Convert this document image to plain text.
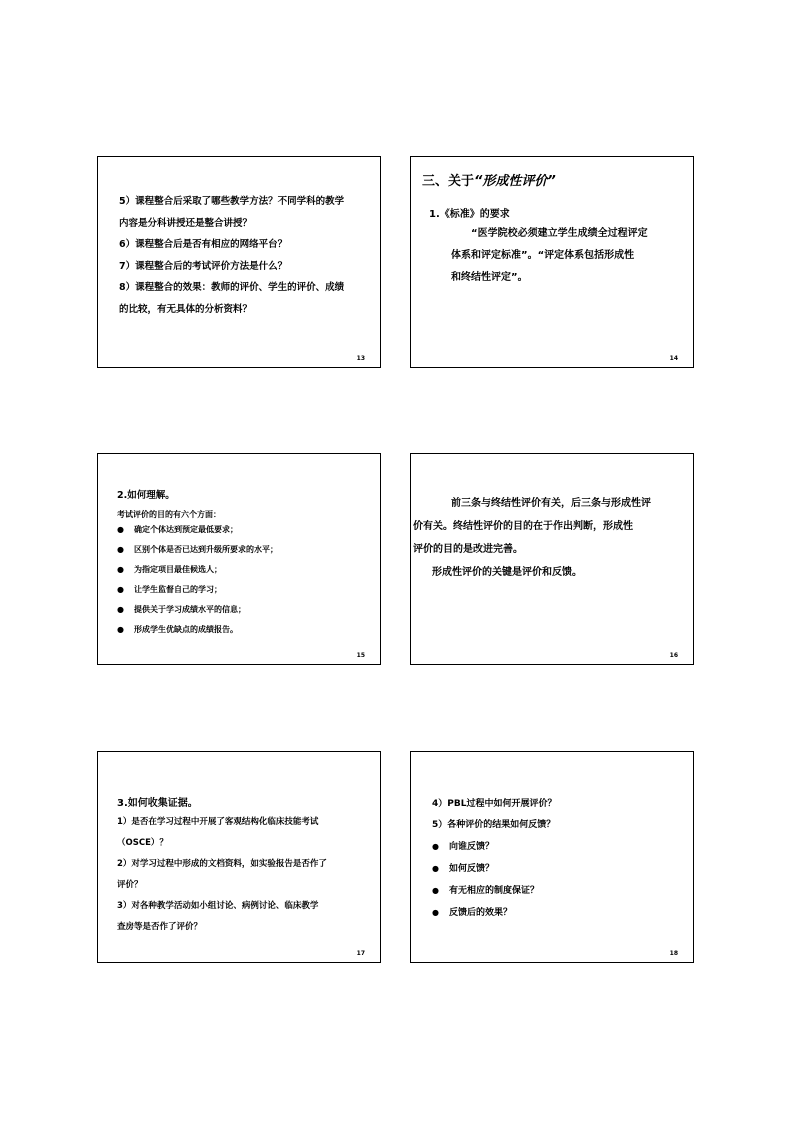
5）课程整合后采取了哪些教学方法？不同学科的教学
内容是分科讲授还是整合讲授？
6）课程整合后是否有相应的网络平台？
7）课程整合后的考试评价方法是什么？
8）课程整合的效果：教师的评价、学生的评价、成绩
的比较，有无具体的分析资料？
13
三、关于“形成性评价”
1.《标准》的要求
“医学院校必须建立学生成绩全过程评定
体系和评定标准”。“评定体系包括形成性
和终结性评定”。
14
2.如何理解。
考试评价的目的有六个方面：
● 确定个体达到预定最低要求；
● 区别个体是否已达到升级所要求的水平；
● 为指定项目最佳候选人；
● 让学生监督自己的学习；
● 提供关于学习成绩水平的信息；
● 形成学生优缺点的成绩报告。
15
前三条与终结性评价有关，后三条与形成性评
价有关。终结性评价的目的在于作出判断，形成性
评价的目的是改进完善。
形成性评价的关键是评价和反馈。
16
3.如何收集证据。
1）是否在学习过程中开展了客观结构化临床技能考试
（OSCE）？
2）对学习过程中形成的文档资料，如实验报告是否作了
评价？
3）对各种教学活动如小组讨论、病例讨论、临床教学
查房等是否作了评价？
17
4）PBL过程中如何开展评价？
5）各种评价的结果如何反馈？
● 向谁反馈？
● 如何反馈？
● 有无相应的制度保证？
● 反馈后的效果？
18
